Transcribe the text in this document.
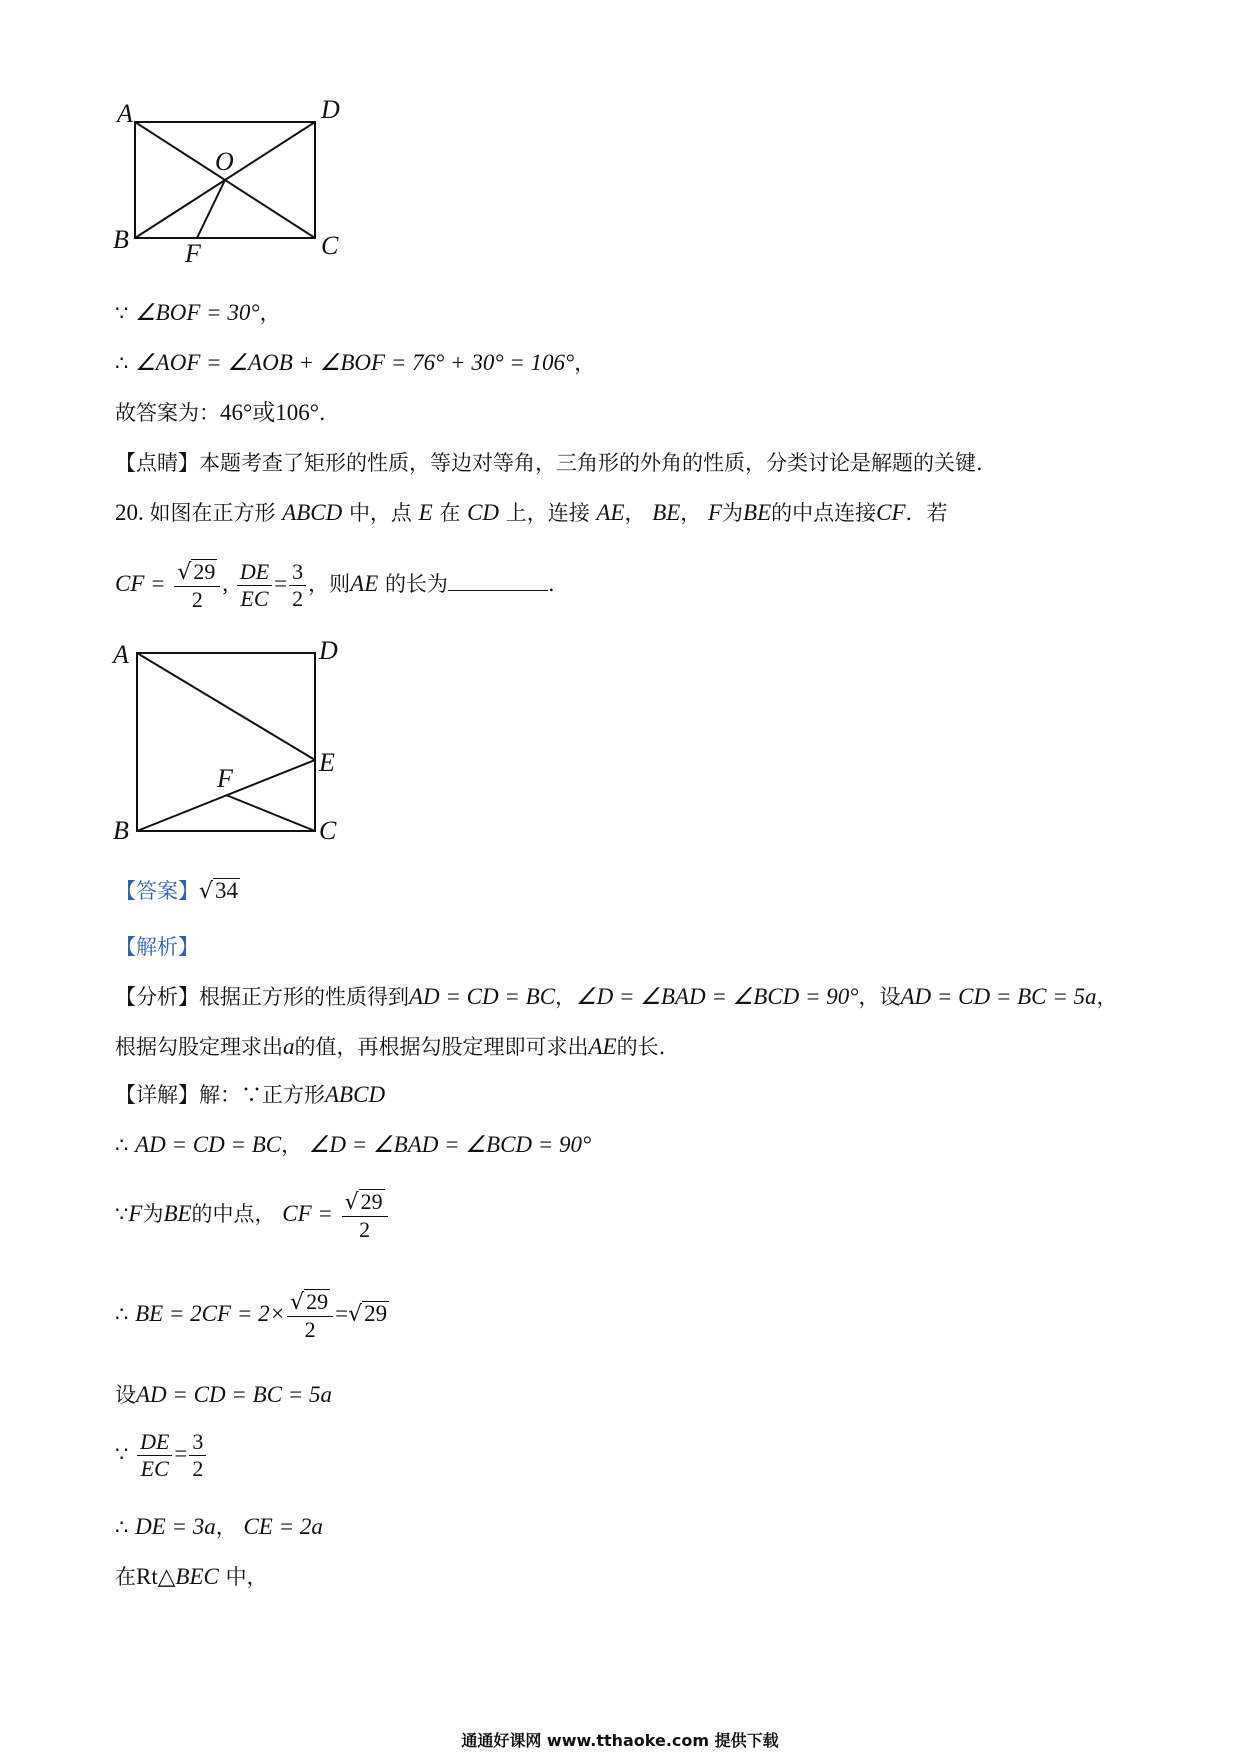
A	D
O
B F	C
∵ ∠BOF = 30°，
∴ ∠AOF = ∠AOB + ∠BOF = 76° + 30° = 106°，
故答案为：46°或106°.
【点睛】本题考查了矩形的性质，等边对等角，三角形的外角的性质，分类讨论是解题的关键.
20. 如图在正方形 ABCD 中，点 E 在 CD 上，连接 AE， BE， F为BE的中点连接CF．若
CF = $\frac{√29}{2}$ , $\frac{DE}{EC} = \frac{3}{2}$ ，则AE 的长为	.
A	D
E
F
B	C
【答案】√34
【解析】
【分析】根据正方形的性质得到AD = CD = BC，∠D = ∠BAD = ∠BCD = 90°，设AD = CD = BC = 5a，
根据勾股定理求出a的值，再根据勾股定理即可求出AE的长.
【详解】解：∵正方形ABCD
∴ AD = CD = BC， ∠D = ∠BAD = ∠BCD = 90°
∵F为BE的中点， CF = $\frac{√29}{2}$
∴ BE = $2CF = 2\times \frac{√29}{2} =√29$
设AD = CD = BC = 5a
∵ $\frac{DE}{EC} = \frac{3}{2}$
∴ DE = 3a， CE = 2a
在Rt△BEC 中，
通通好课网 www.tthaoke.com 提供下载
